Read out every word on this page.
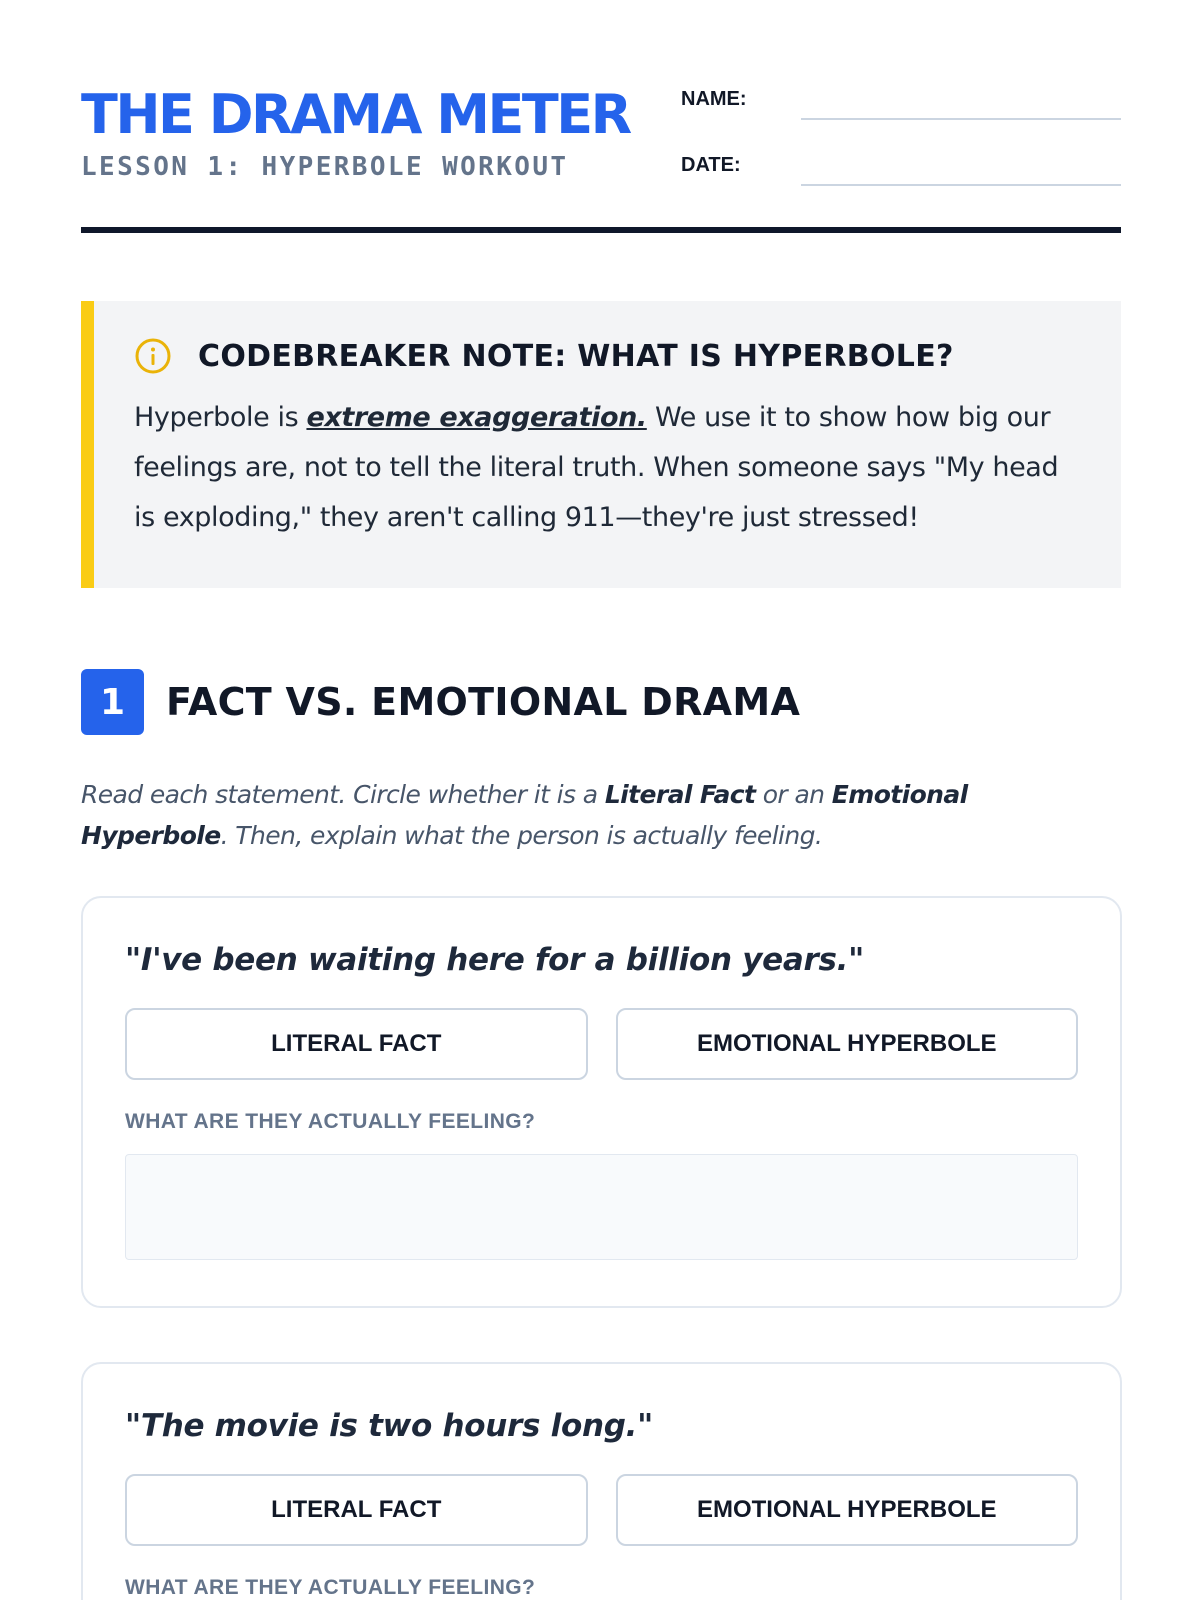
THE DRAMA METER
LESSON 1: HYPERBOLE WORKOUT
NAME:
DATE:
CODEBREAKER NOTE: WHAT IS HYPERBOLE?
Hyperbole is extreme exaggeration. We use it to show how big our feelings are, not to tell the literal truth. When someone says "My head is exploding," they aren't calling 911—they're just stressed!
1	FACT VS. EMOTIONAL DRAMA
Read each statement. Circle whether it is a Literal Fact or an Emotional Hyperbole. Then, explain what the person is actually feeling.
"I've been waiting here for a billion years."
LITERAL FACT	EMOTIONAL HYPERBOLE
WHAT ARE THEY ACTUALLY FEELING?
"The movie is two hours long."
LITERAL FACT	EMOTIONAL HYPERBOLE
WHAT ARE THEY ACTUALLY FEELING?
